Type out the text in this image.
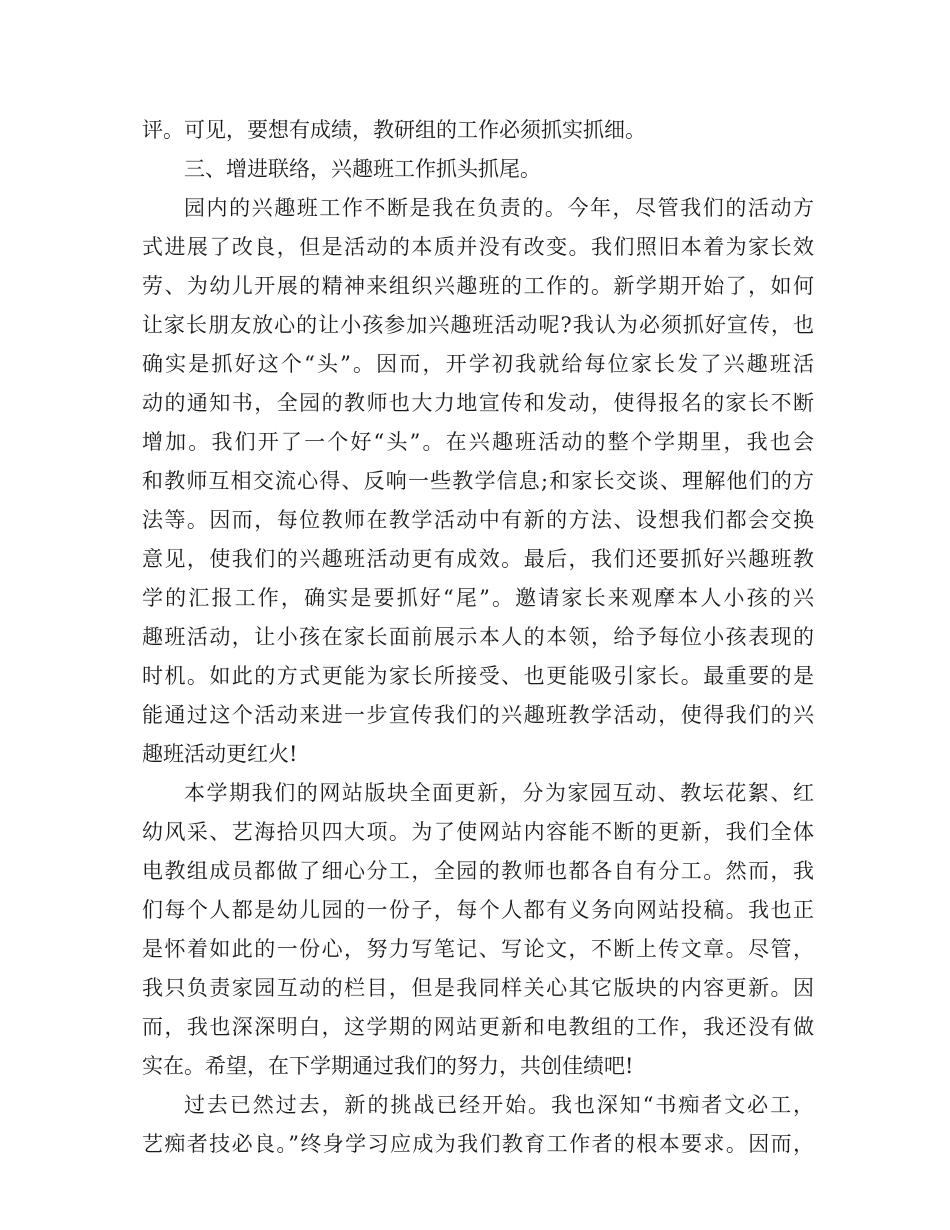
评。可见，要想有成绩，教研组的工作必须抓实抓细。
三、增进联络，兴趣班工作抓头抓尾。
园内的兴趣班工作不断是我在负责的。今年，尽管我们的活动方
式进展了改良，但是活动的本质并没有改变。我们照旧本着为家长效
劳、为幼儿开展的精神来组织兴趣班的工作的。新学期开始了，如何
让家长朋友放心的让小孩参加兴趣班活动呢?我认为必须抓好宣传，也
确实是抓好这个“头”。因而，开学初我就给每位家长发了兴趣班活
动的通知书，全园的教师也大力地宣传和发动，使得报名的家长不断
增加。我们开了一个好“头”。在兴趣班活动的整个学期里，我也会
和教师互相交流心得、反响一些教学信息;和家长交谈、理解他们的方
法等。因而，每位教师在教学活动中有新的方法、设想我们都会交换
意见，使我们的兴趣班活动更有成效。最后，我们还要抓好兴趣班教
学的汇报工作，确实是要抓好“尾”。邀请家长来观摩本人小孩的兴
趣班活动，让小孩在家长面前展示本人的本领，给予每位小孩表现的
时机。如此的方式更能为家长所接受、也更能吸引家长。最重要的是
能通过这个活动来进一步宣传我们的兴趣班教学活动，使得我们的兴
趣班活动更红火!
本学期我们的网站版块全面更新，分为家园互动、教坛花絮、红
幼风采、艺海拾贝四大项。为了使网站内容能不断的更新，我们全体
电教组成员都做了细心分工，全园的教师也都各自有分工。然而，我
们每个人都是幼儿园的一份子，每个人都有义务向网站投稿。我也正
是怀着如此的一份心，努力写笔记、写论文，不断上传文章。尽管，
我只负责家园互动的栏目，但是我同样关心其它版块的内容更新。因
而，我也深深明白，这学期的网站更新和电教组的工作，我还没有做
实在。希望，在下学期通过我们的努力，共创佳绩吧!
过去已然过去，新的挑战已经开始。我也深知“书痴者文必工，
艺痴者技必良。”终身学习应成为我们教育工作者的根本要求。因而，
